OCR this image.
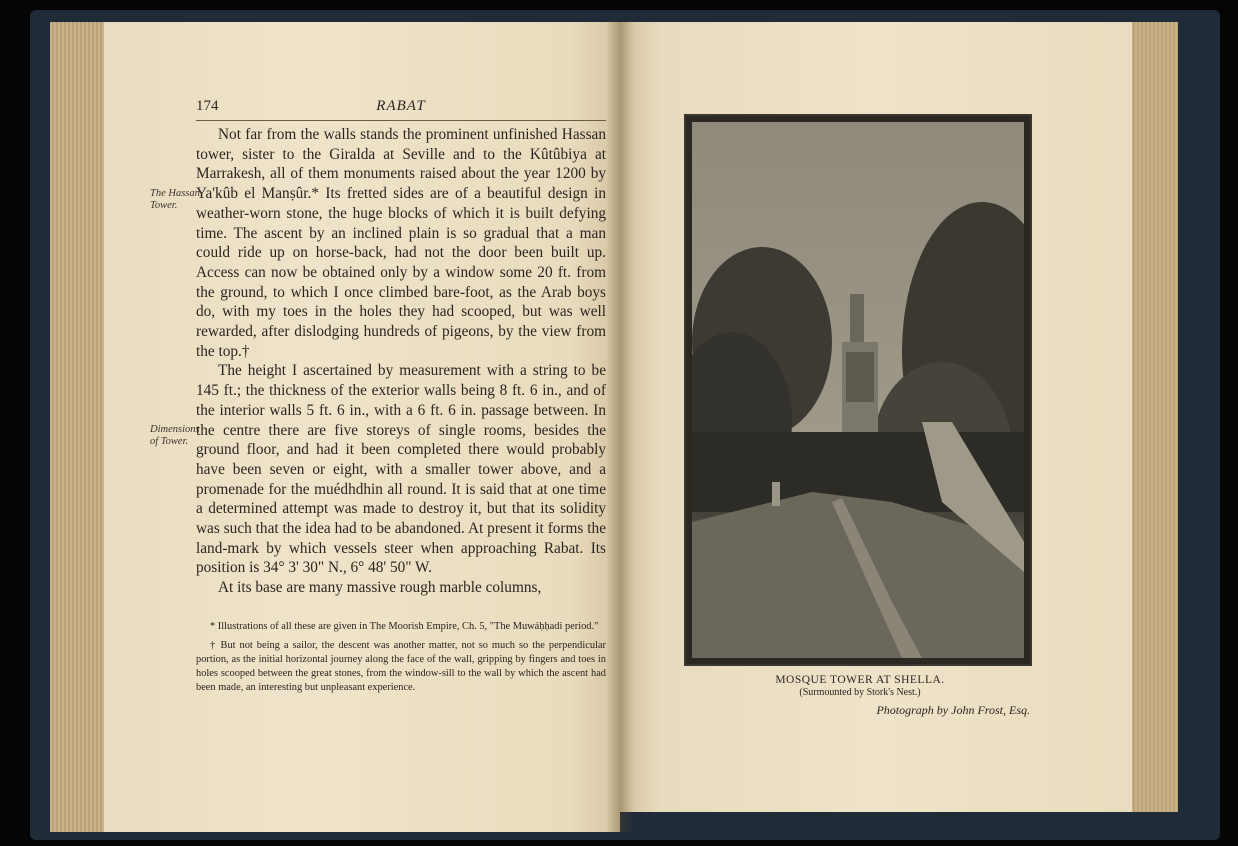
174	RABAT
The Hassan Tower.
Dimensions of Tower.

Not far from the walls stands the prominent unfinished Hassan tower, sister to the Giralda at Seville and to the Kûtûbiya at Marrakesh, all of them monuments raised about the year 1200 by Ya'kûb el Manṣûr.* Its fretted sides are of a beautiful design in weather-worn stone, the huge blocks of which it is built defying time. The ascent by an inclined plain is so gradual that a man could ride up on horse-back, had not the door been built up. Access can now be obtained only by a window some 20 ft. from the ground, to which I once climbed bare-foot, as the Arab boys do, with my toes in the holes they had scooped, but was well rewarded, after dislodging hundreds of pigeons, by the view from the top.†

The height I ascertained by measurement with a string to be 145 ft.; the thickness of the exterior walls being 8 ft. 6 in., and of the interior walls 5 ft. 6 in., with a 6 ft. 6 in. passage between. In the centre there are five storeys of single rooms, besides the ground floor, and had it been completed there would probably have been seven or eight, with a smaller tower above, and a promenade for the muédhdhin all round. It is said that at one time a determined attempt was made to destroy it, but that its solidity was such that the idea had to be abandoned. At present it forms the land-mark by which vessels steer when approaching Rabat. Its position is 34° 3' 30" N., 6° 48' 50" W.

At its base are many massive rough marble columns,

* Illustrations of all these are given in The Moorish Empire, Ch. 5, "The Muwáḥḥadi period."

† But not being a sailor, the descent was another matter, not so much so the perpendicular portion, as the initial horizontal journey along the face of the wall, gripping by fingers and toes in holes scooped between the great stones, from the window-sill to the wall by which the ascent had been made, an interesting but unpleasant experience.

MOSQUE TOWER AT SHELLA.
(Surmounted by Stork's Nest.)
Photograph by John Frost, Esq.
